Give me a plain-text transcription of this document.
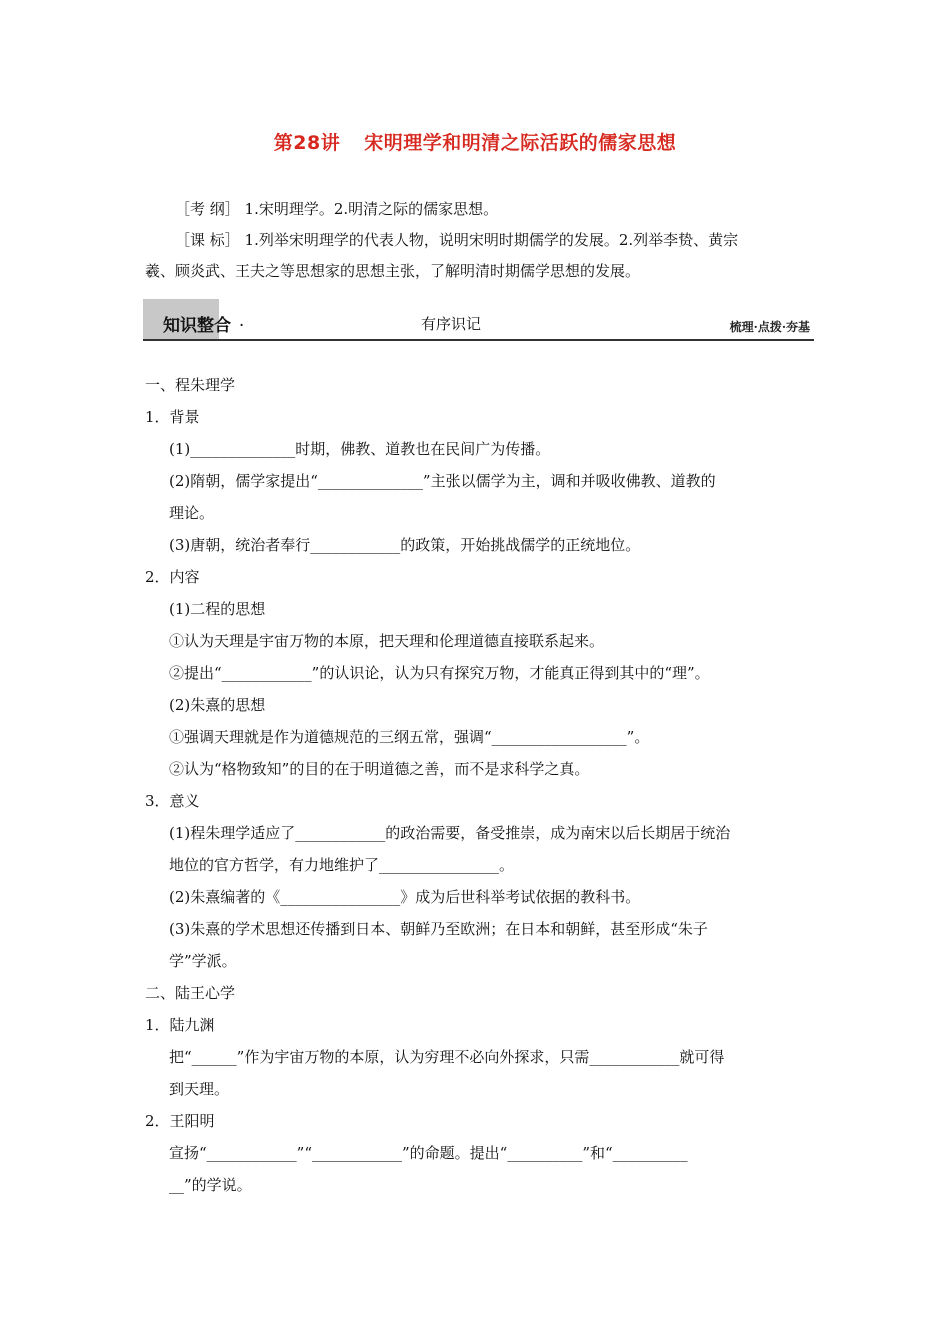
第28讲 宋明理学和明清之际活跃的儒家思想

［考 纲］ 1.宋明理学。2.明清之际的儒家思想。

［课 标］ 1.列举宋明理学的代表人物，说明宋明时期儒学的发展。2.列举李贽、黄宗

羲、顾炎武、王夫之等思想家的思想主张，了解明清时期儒学思想的发展。

知识整合 ·	有序识记	梳理·点拨·夯基

一、程朱理学

1．背景

(1)______________时期，佛教、道教也在民间广为传播。

(2)隋朝，儒学家提出“______________”主张以儒学为主，调和并吸收佛教、道教的

理论。

(3)唐朝，统治者奉行____________的政策，开始挑战儒学的正统地位。

2．内容

(1)二程的思想

①认为天理是宇宙万物的本原，把天理和伦理道德直接联系起来。

②提出“____________”的认识论，认为只有探究万物，才能真正得到其中的“理”。

(2)朱熹的思想

①强调天理就是作为道德规范的三纲五常，强调“__________________”。

②认为“格物致知”的目的在于明道德之善，而不是求科学之真。

3．意义

(1)程朱理学适应了____________的政治需要，备受推崇，成为南宋以后长期居于统治

地位的官方哲学，有力地维护了________________。

(2)朱熹编著的《________________》成为后世科举考试依据的教科书。

(3)朱熹的学术思想还传播到日本、朝鲜乃至欧洲；在日本和朝鲜，甚至形成“朱子

学”学派。

二、陆王心学

1．陆九渊

把“______”作为宇宙万物的本原，认为穷理不必向外探求，只需____________就可得

到天理。

2．王阳明

宣扬“____________”“____________”的命题。提出“__________”和“__________

__”的学说。
